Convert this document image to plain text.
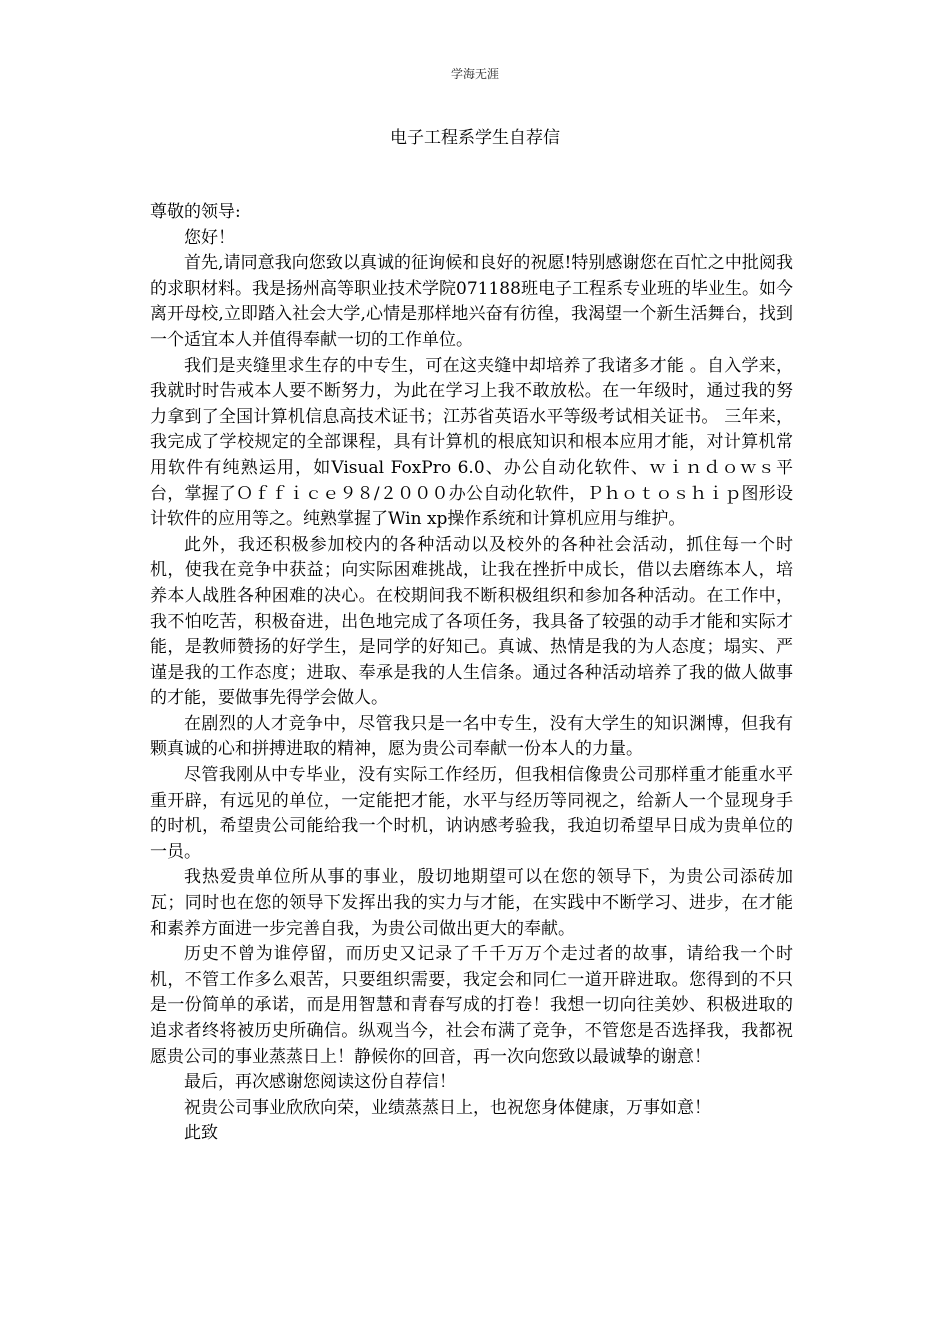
学海无涯
电子工程系学生自荐信

尊敬的领导:

您好！

首先,请同意我向您致以真诚的征询候和良好的祝愿!特别感谢您在百忙之中批阅我的求职材料。我是扬州高等职业技术学院071188班电子工程系专业班的毕业生。如今离开母校,立即踏入社会大学,心情是那样地兴奋有彷徨，我渴望一个新生活舞台，找到一个适宜本人并值得奉献一切的工作单位。

我们是夹缝里求生存的中专生，可在这夹缝中却培养了我诸多才能 。自入学来，我就时时告戒本人要不断努力，为此在学习上我不敢放松。在一年级时，通过我的努力拿到了全国计算机信息高技术证书；江苏省英语水平等级考试相关证书。 三年来，我完成了学校规定的全部课程，具有计算机的根底知识和根本应用才能，对计算机常用软件有纯熟运用，如Visual FoxPro 6.0、办公自动化软件、ｗｉｎｄｏｗｓ平台，掌握了Ｏｆｆｉｃｅ９８/２０００办公自动化软件，Ｐｈｏｔｏｓｈｉｐ图形设计软件的应用等之。纯熟掌握了Win xp操作系统和计算机应用与维护。

此外，我还积极参加校内的各种活动以及校外的各种社会活动，抓住每一个时机，使我在竞争中获益；向实际困难挑战，让我在挫折中成长，借以去磨练本人，培养本人战胜各种困难的决心。在校期间我不断积极组织和参加各种活动。在工作中，我不怕吃苦，积极奋进，出色地完成了各项任务，我具备了较强的动手才能和实际才能，是教师赞扬的好学生，是同学的好知己。真诚、热情是我的为人态度；塌实、严谨是我的工作态度；进取、奉承是我的人生信条。通过各种活动培养了我的做人做事的才能，要做事先得学会做人。

在剧烈的人才竞争中，尽管我只是一名中专生，没有大学生的知识渊博，但我有颗真诚的心和拼搏进取的精神，愿为贵公司奉献一份本人的力量。

尽管我刚从中专毕业，没有实际工作经历，但我相信像贵公司那样重才能重水平重开辟，有远见的单位，一定能把才能，水平与经历等同视之，给新人一个显现身手的时机，希望贵公司能给我一个时机，讷讷感考验我，我迫切希望早日成为贵单位的一员。

我热爱贵单位所从事的事业，殷切地期望可以在您的领导下，为贵公司添砖加瓦；同时也在您的领导下发挥出我的实力与才能，在实践中不断学习、进步，在才能和素养方面进一步完善自我，为贵公司做出更大的奉献。

历史不曾为谁停留，而历史又记录了千千万万个走过者的故事，请给我一个时机，不管工作多么艰苦，只要组织需要，我定会和同仁一道开辟进取。您得到的不只是一份简单的承诺，而是用智慧和青春写成的打卷！我想一切向往美妙、积极进取的追求者终将被历史所确信。纵观当今，社会布满了竞争，不管您是否选择我，我都祝愿贵公司的事业蒸蒸日上！静候你的回音，再一次向您致以最诚挚的谢意！

最后，再次感谢您阅读这份自荐信！

祝贵公司事业欣欣向荣，业绩蒸蒸日上，也祝您身体健康，万事如意！

此致
